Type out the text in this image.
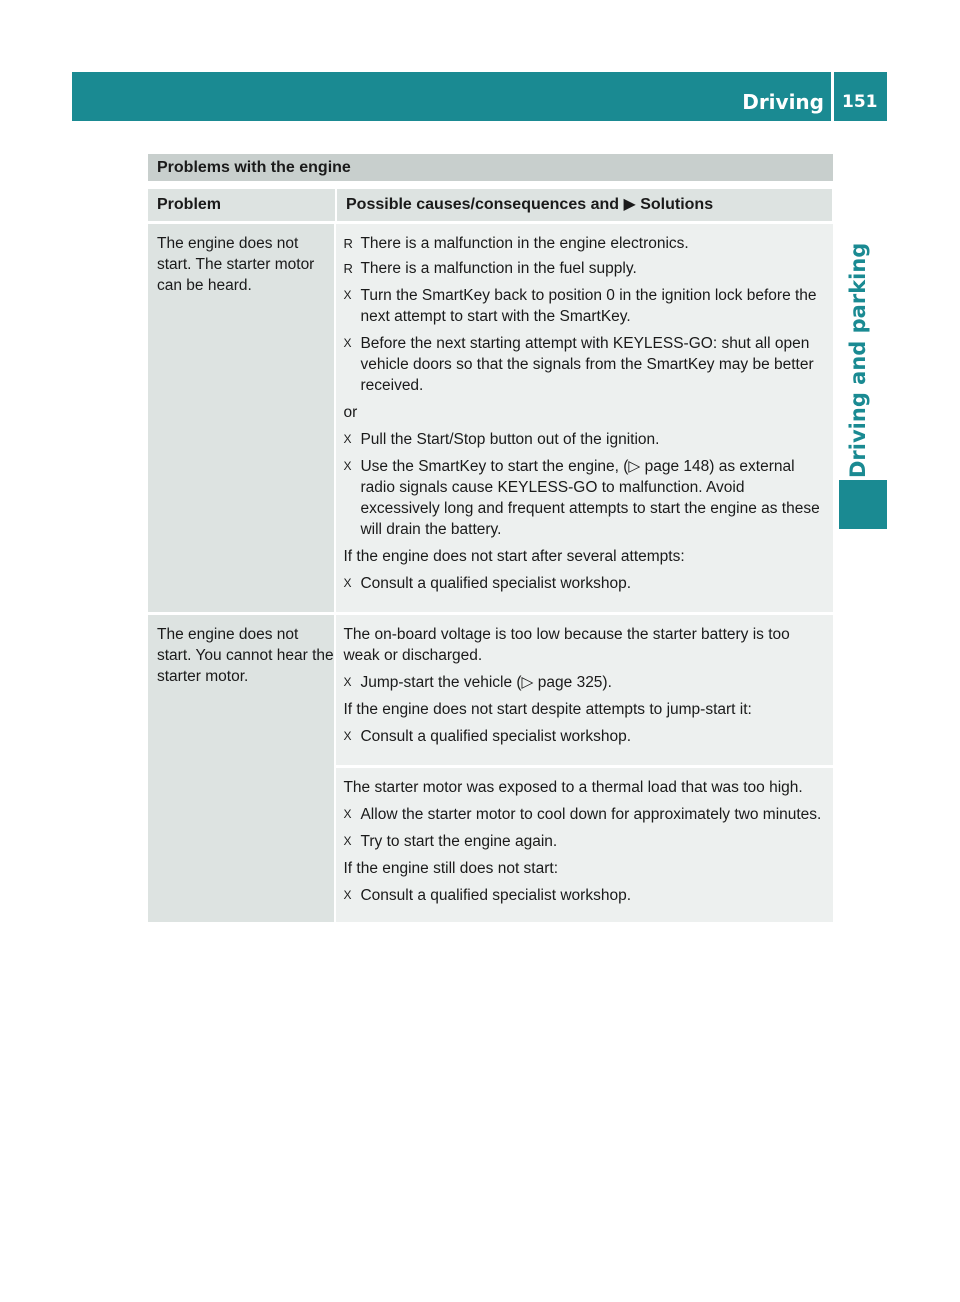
Driving 151
Driving and parking
Problems with the engine
Problem	Possible causes/consequences and ▶ Solutions
The engine does not start. The starter motor can be heard.
R There is a malfunction in the engine electronics.
R There is a malfunction in the fuel supply.
X Turn the SmartKey back to position 0 in the ignition lock before the next attempt to start with the SmartKey.
X Before the next starting attempt with KEYLESS-GO: shut all open vehicle doors so that the signals from the SmartKey may be better received.
or
X Pull the Start/Stop button out of the ignition.
X Use the SmartKey to start the engine, (▷ page 148) as external radio signals cause KEYLESS-GO to malfunction. Avoid excessively long and frequent attempts to start the engine as these will drain the battery.
If the engine does not start after several attempts:
X Consult a qualified specialist workshop.
The engine does not start. You cannot hear the starter motor.
The on-board voltage is too low because the starter battery is too weak or discharged.
X Jump-start the vehicle (▷ page 325).
If the engine does not start despite attempts to jump-start it:
X Consult a qualified specialist workshop.
The starter motor was exposed to a thermal load that was too high.
X Allow the starter motor to cool down for approximately two minutes.
X Try to start the engine again.
If the engine still does not start:
X Consult a qualified specialist workshop.
